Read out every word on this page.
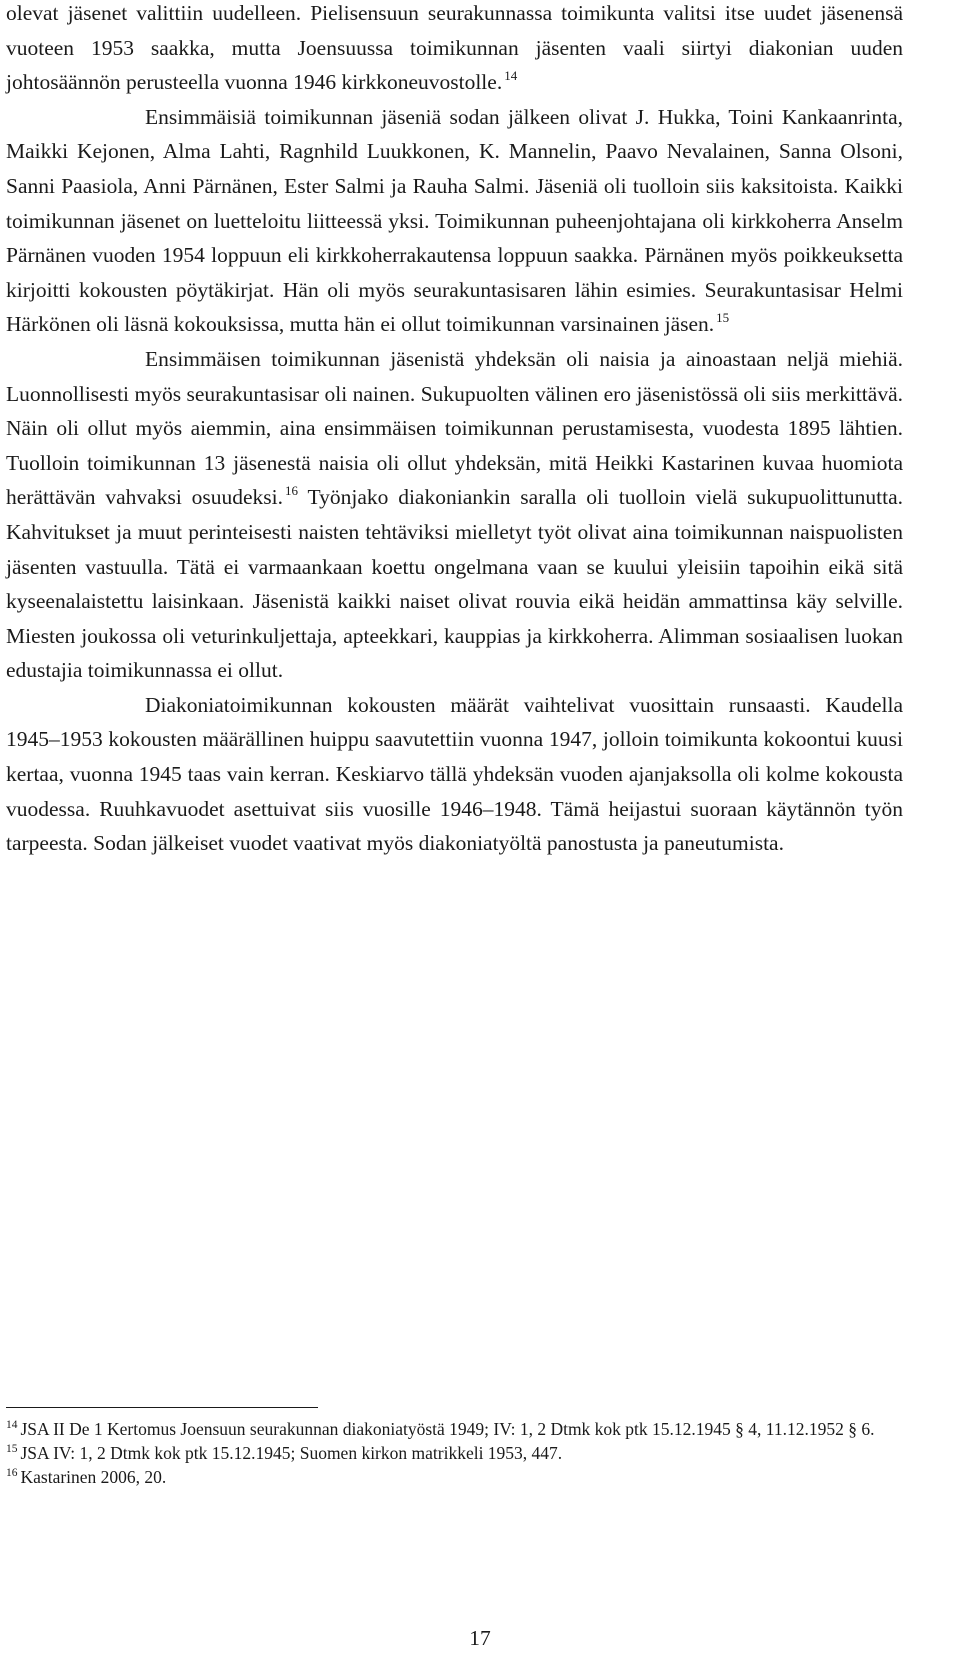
olevat jäsenet valittiin uudelleen. Pielisensuun seurakunnassa toimikunta valitsi itse uudet jäsenensä vuoteen 1953 saakka, mutta Joensuussa toimikunnan jäsenten vaali siirtyi diakonian uuden johtosäännön perusteella vuonna 1946 kirkkoneuvostolle. $^{14}$

Ensimmäisiä toimikunnan jäseniä sodan jälkeen olivat J. Hukka, Toini Kankaanrinta, Maikki Kejonen, Alma Lahti, Ragnhild Luukkonen, K. Mannelin, Paavo Nevalainen, Sanna Olsoni, Sanni Paasiola, Anni Pärnänen, Ester Salmi ja Rauha Salmi. Jäseniä oli tuolloin siis kaksitoista. Kaikki toimikunnan jäsenet on luetteloitu liitteessä yksi. Toimikunnan puheenjohtajana oli kirkkoherra Anselm Pärnänen vuoden 1954 loppuun eli kirkkoherrakautensa loppuun saakka. Pärnänen myös poikkeuksetta kirjoitti kokousten pöytäkirjat. Hän oli myös seurakuntasisaren lähin esimies. Seurakuntasisar Helmi Härkönen oli läsnä kokouksissa, mutta hän ei ollut toimikunnan varsinainen jäsen. $^{15}$

Ensimmäisen toimikunnan jäsenistä yhdeksän oli naisia ja ainoastaan neljä miehiä. Luonnollisesti myös seurakuntasisar oli nainen. Sukupuolten välinen ero jäsenistössä oli siis merkittävä. Näin oli ollut myös aiemmin, aina ensimmäisen toimikunnan perustamisesta, vuodesta 1895 lähtien. Tuolloin toimikunnan 13 jäsenestä naisia oli ollut yhdeksän, mitä Heikki Kastarinen kuvaa huomiota herättävän vahvaksi osuudeksi. $^{16}$ Työnjako diakoniankin saralla oli tuolloin vielä sukupuolittunutta. Kahvitukset ja muut perinteisesti naisten tehtäviksi mielletyt työt olivat aina toimikunnan naispuolisten jäsenten vastuulla. Tätä ei varmaankaan koettu ongelmana vaan se kuului yleisiin tapoihin eikä sitä kyseenalaistettu laisinkaan. Jäsenistä kaikki naiset olivat rouvia eikä heidän ammattinsa käy selville. Miesten joukossa oli veturinkuljettaja, apteekkari, kauppias ja kirkkoherra. Alimman sosiaalisen luokan edustajia toimikunnassa ei ollut.

Diakoniatoimikunnan kokousten määrät vaihtelivat vuosittain runsaasti. Kaudella 1945–1953 kokousten määrällinen huippu saavutettiin vuonna 1947, jolloin toimikunta kokoontui kuusi kertaa, vuonna 1945 taas vain kerran. Keskiarvo tällä yhdeksän vuoden ajanjaksolla oli kolme kokousta vuodessa. Ruuhkavuodet asettuivat siis vuosille 1946–1948. Tämä heijastui suoraan käytännön työn tarpeesta. Sodan jälkeiset vuodet vaativat myös diakoniatyöltä panostusta ja paneutumista.

$^{14}$ JSA II De 1 Kertomus Joensuun seurakunnan diakoniatyöstä 1949; IV: 1, 2 Dtmk kok ptk 15.12.1945 § 4, 11.12.1952 § 6.

$^{15}$ JSA IV: 1, 2 Dtmk kok ptk 15.12.1945; Suomen kirkon matrikkeli 1953, 447.

$^{16}$ Kastarinen 2006, 20.

17
